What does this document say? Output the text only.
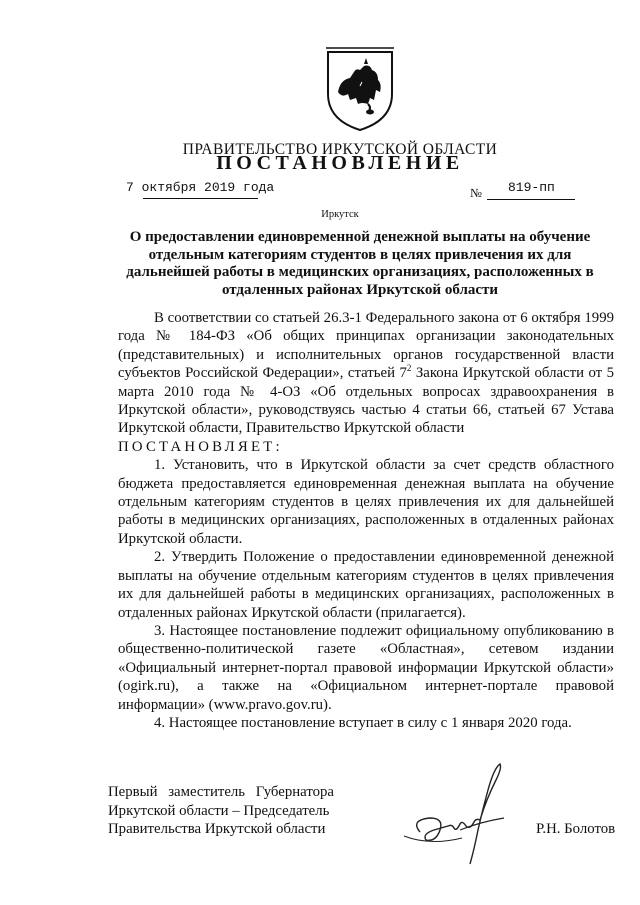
ПРАВИТЕЛЬСТВО ИРКУТСКОЙ ОБЛАСТИ
ПОСТАНОВЛЕНИЕ
7 октября 2019 года	№ 819-пп
Иркутск
О предоставлении единовременной денежной выплаты на обучение отдельным категориям студентов в целях привлечения их для дальнейшей работы в медицинских организациях, расположенных в отдаленных районах Иркутской области

В соответствии со статьей 26.3-1 Федерального закона от 6 октября 1999 года № 184-ФЗ «Об общих принципах организации законодательных (представительных) и исполнительных органов государственной власти субъектов Российской Федерации», статьей $7^2$ Закона Иркутской области от 5 марта 2010 года № 4-ОЗ «Об отдельных вопросах здравоохранения в Иркутской области», руководствуясь частью 4 статьи 66, статьей 67 Устава Иркутской области, Правительство Иркутской области

ПОСТАНОВЛЯЕТ:

1. Установить, что в Иркутской области за счет средств областного бюджета предоставляется единовременная денежная выплата на обучение отдельным категориям студентов в целях привлечения их для дальнейшей работы в медицинских организациях, расположенных в отдаленных районах Иркутской области.

2. Утвердить Положение о предоставлении единовременной денежной выплаты на обучение отдельным категориям студентов в целях привлечения их для дальнейшей работы в медицинских организациях, расположенных в отдаленных районах Иркутской области (прилагается).

3. Настоящее постановление подлежит официальному опубликованию в общественно-политической газете «Областная», сетевом издании «Официальный интернет-портал правовой информации Иркутской области» (ogirk.ru), а также на «Официальном интернет-портале правовой информации» (www.pravo.gov.ru).

4. Настоящее постановление вступает в силу с 1 января 2020 года.

Первый заместитель Губернатора
Иркутской области – Председатель
Правительства Иркутской области	Р.Н. Болотов
